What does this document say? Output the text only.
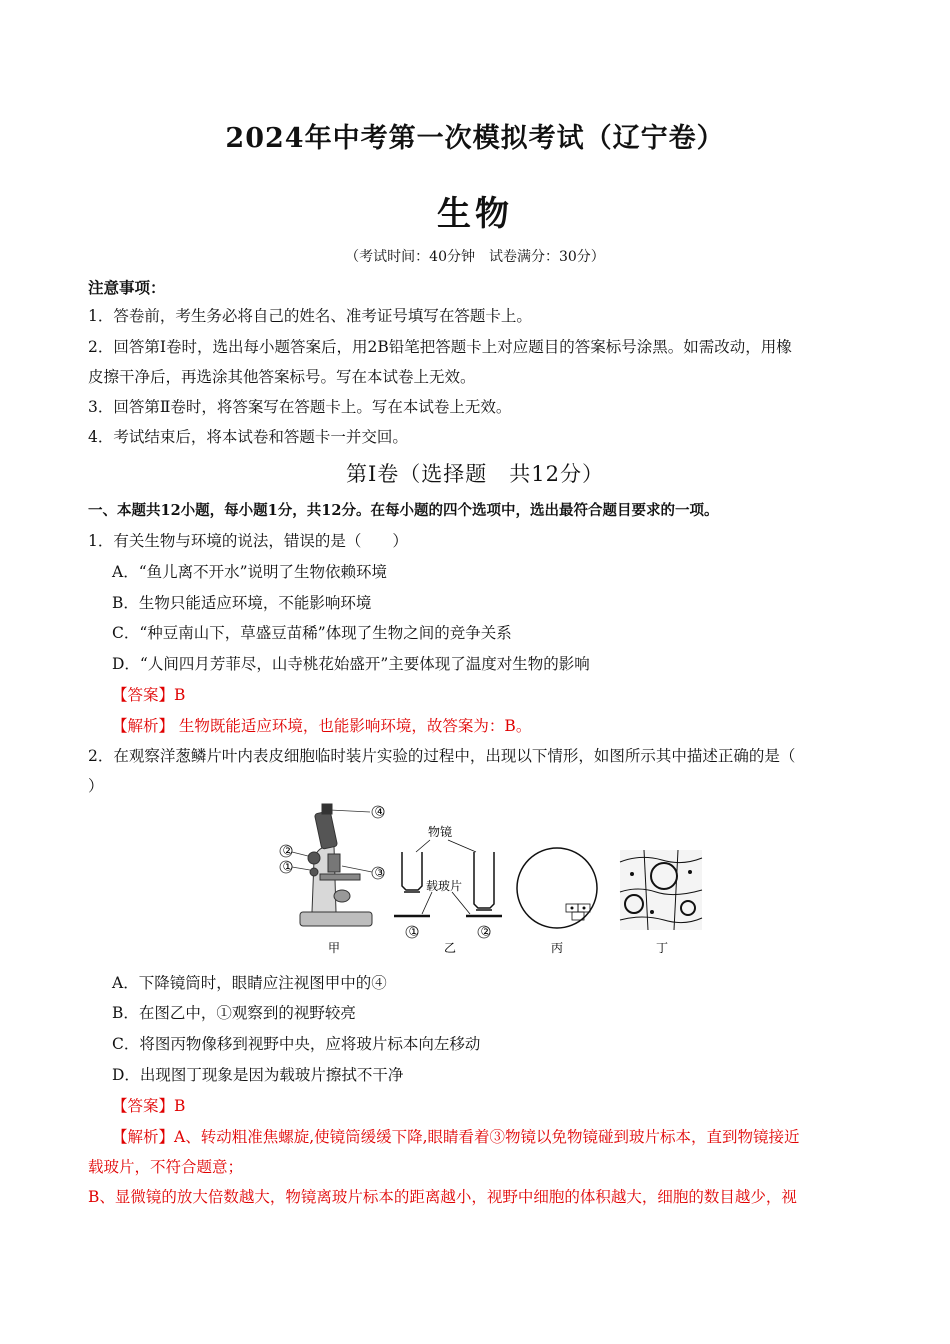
2024年中考第一次模拟考试（辽宁卷）
生物
（考试时间：40分钟　试卷满分：30分）
注意事项：
1．答卷前，考生务必将自己的姓名、准考证号填写在答题卡上。
2．回答第Ⅰ卷时，选出每小题答案后，用2B铅笔把答题卡上对应题目的答案标号涂黑。如需改动，用橡
皮擦干净后，再选涂其他答案标号。写在本试卷上无效。
3．回答第Ⅱ卷时，将答案写在答题卡上。写在本试卷上无效。
4．考试结束后，将本试卷和答题卡一并交回。
第Ⅰ卷（选择题　共12分）
一、本题共12小题，每小题1分，共12分。在每小题的四个选项中，选出最符合题目要求的一项。
1．有关生物与环境的说法，错误的是（　　）
A．“鱼儿离不开水”说明了生物依赖环境
B．生物只能适应环境，不能影响环境
C．“种豆南山下，草盛豆苗稀”体现了生物之间的竞争关系
D．“人间四月芳菲尽，山寺桃花始盛开”主要体现了温度对生物的影响
【答案】B
【解析】 生物既能适应环境，也能影响环境，故答案为：B。
2．在观察洋葱鳞片叶内表皮细胞临时装片实验的过程中，出现以下情形，如图所示其中描述正确的是（
）
④
②
①	③
甲
物镜
载玻片
①	②
乙	丙	丁
A．下降镜筒时，眼睛应注视图甲中的④
B．在图乙中，①观察到的视野较亮
C．将图丙物像移到视野中央，应将玻片标本向左移动
D．出现图丁现象是因为载玻片擦拭不干净
【答案】B
【解析】A、转动粗准焦螺旋,使镜筒缓缓下降,眼睛看着③物镜以免物镜碰到玻片标本，直到物镜接近
载玻片，不符合题意；
B、显微镜的放大倍数越大，物镜离玻片标本的距离越小，视野中细胞的体积越大，细胞的数目越少，视
